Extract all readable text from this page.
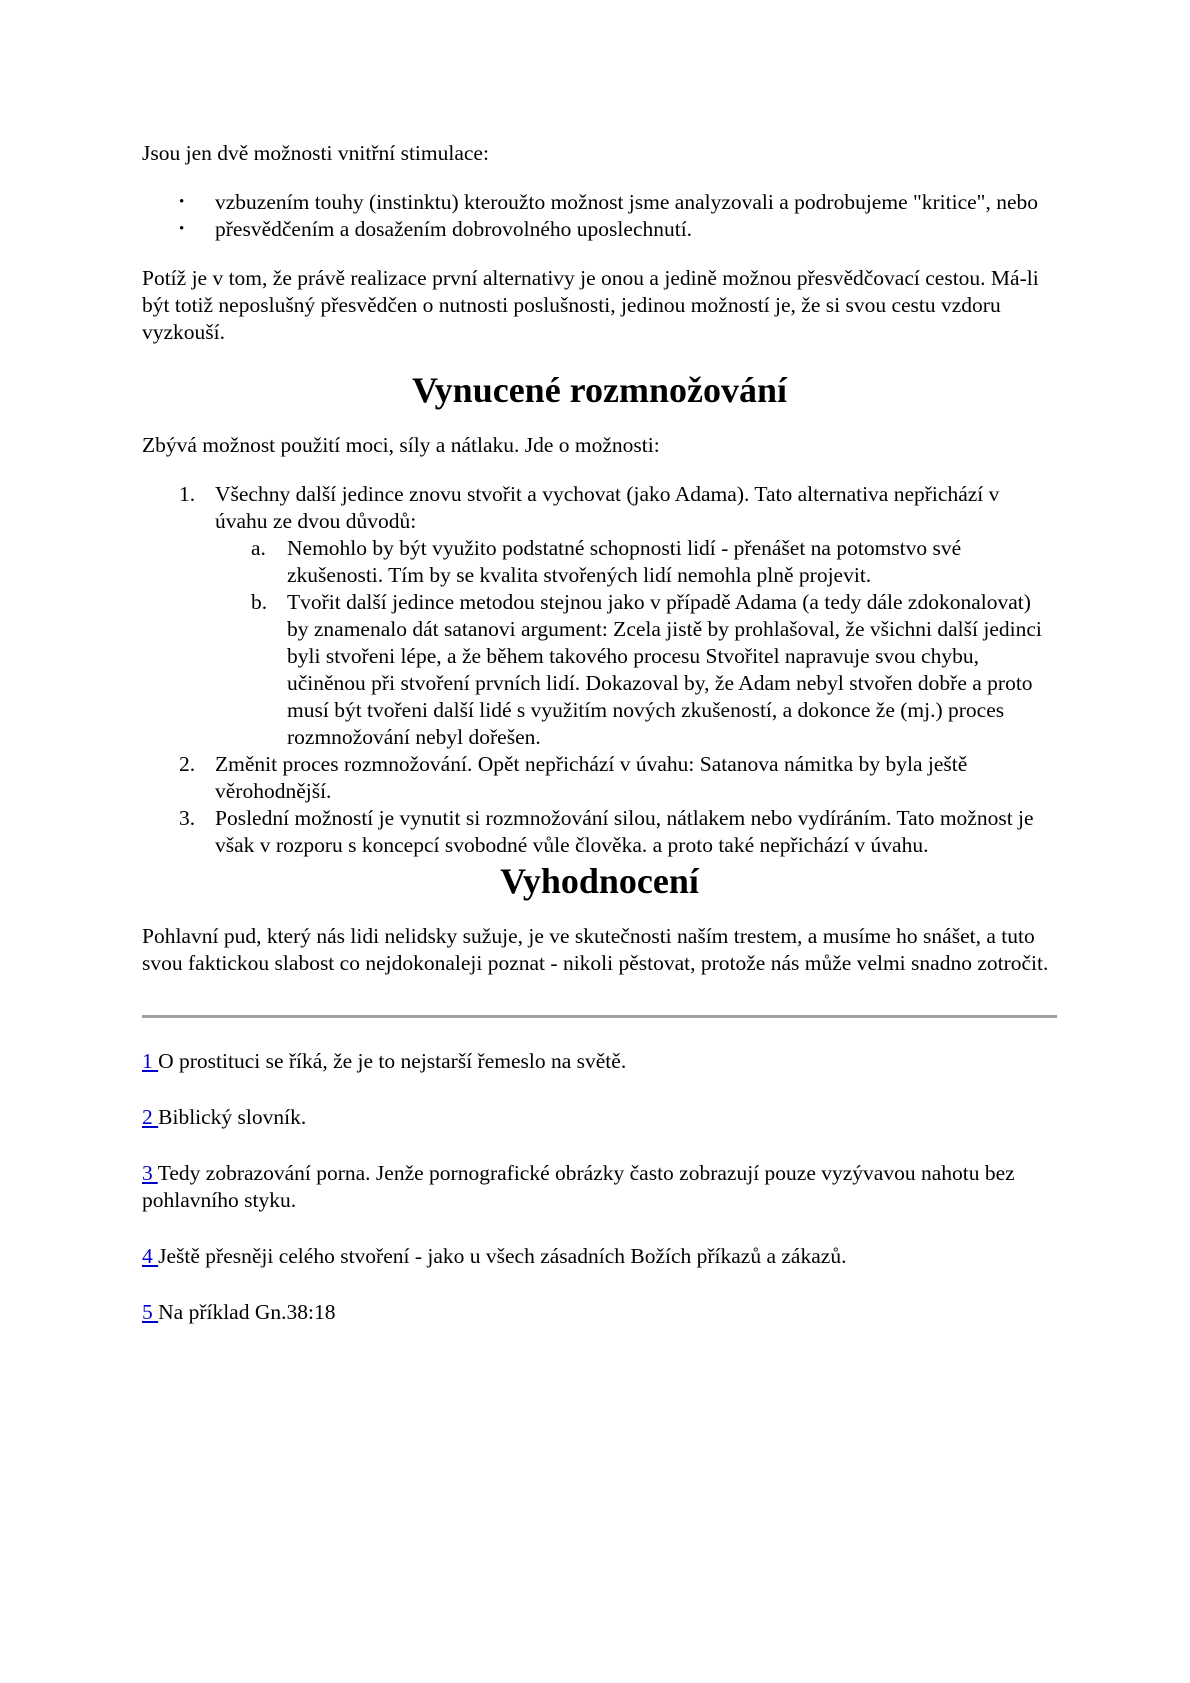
Jsou jen dvě možnosti vnitřní stimulace:

• vzbuzením touhy (instinktu) kteroužto možnost jsme analyzovali a podrobujeme "kritice", nebo
• přesvědčením a dosažením dobrovolného uposlechnutí.

Potíž je v tom, že právě realizace první alternativy je onou a jedině možnou přesvědčovací cestou. Má-li být totiž neposlušný přesvědčen o nutnosti poslušnosti, jedinou možností je, že si svou cestu vzdoru vyzkouší.

Vynucené rozmnožování

Zbývá možnost použití moci, síly a nátlaku. Jde o možnosti:

1. Všechny další jedince znovu stvořit a vychovat (jako Adama). Tato alternativa nepřichází v úvahu ze dvou důvodů:
a. Nemohlo by být využito podstatné schopnosti lidí - přenášet na potomstvo své zkušenosti. Tím by se kvalita stvořených lidí nemohla plně projevit.
b. Tvořit další jedince metodou stejnou jako v případě Adama (a tedy dále zdokonalovat) by znamenalo dát satanovi argument: Zcela jistě by prohlašoval, že všichni další jedinci byli stvořeni lépe, a že během takového procesu Stvořitel napravuje svou chybu, učiněnou při stvoření prvních lidí. Dokazoval by, že Adam nebyl stvořen dobře a proto musí být tvořeni další lidé s využitím nových zkušeností, a dokonce že (mj.) proces rozmnožování nebyl dořešen.
2. Změnit proces rozmnožování. Opět nepřichází v úvahu: Satanova námitka by byla ještě věrohodnější.
3. Poslední možností je vynutit si rozmnožování silou, nátlakem nebo vydíráním. Tato možnost je však v rozporu s koncepcí svobodné vůle člověka. a proto také nepřichází v úvahu.
Vyhodnocení

Pohlavní pud, který nás lidi nelidsky sužuje, je ve skutečnosti naším trestem, a musíme ho snášet, a tuto svou faktickou slabost co nejdokonaleji poznat - nikoli pěstovat, protože nás může velmi snadno zotročit.

1 O prostituci se říká, že je to nejstarší řemeslo na světě.

2 Biblický slovník.

3 Tedy zobrazování porna. Jenže pornografické obrázky často zobrazují pouze vyzývavou nahotu bez pohlavního styku.

4 Ještě přesněji celého stvoření - jako u všech zásadních Božích příkazů a zákazů.

5 Na příklad Gn.38:18
